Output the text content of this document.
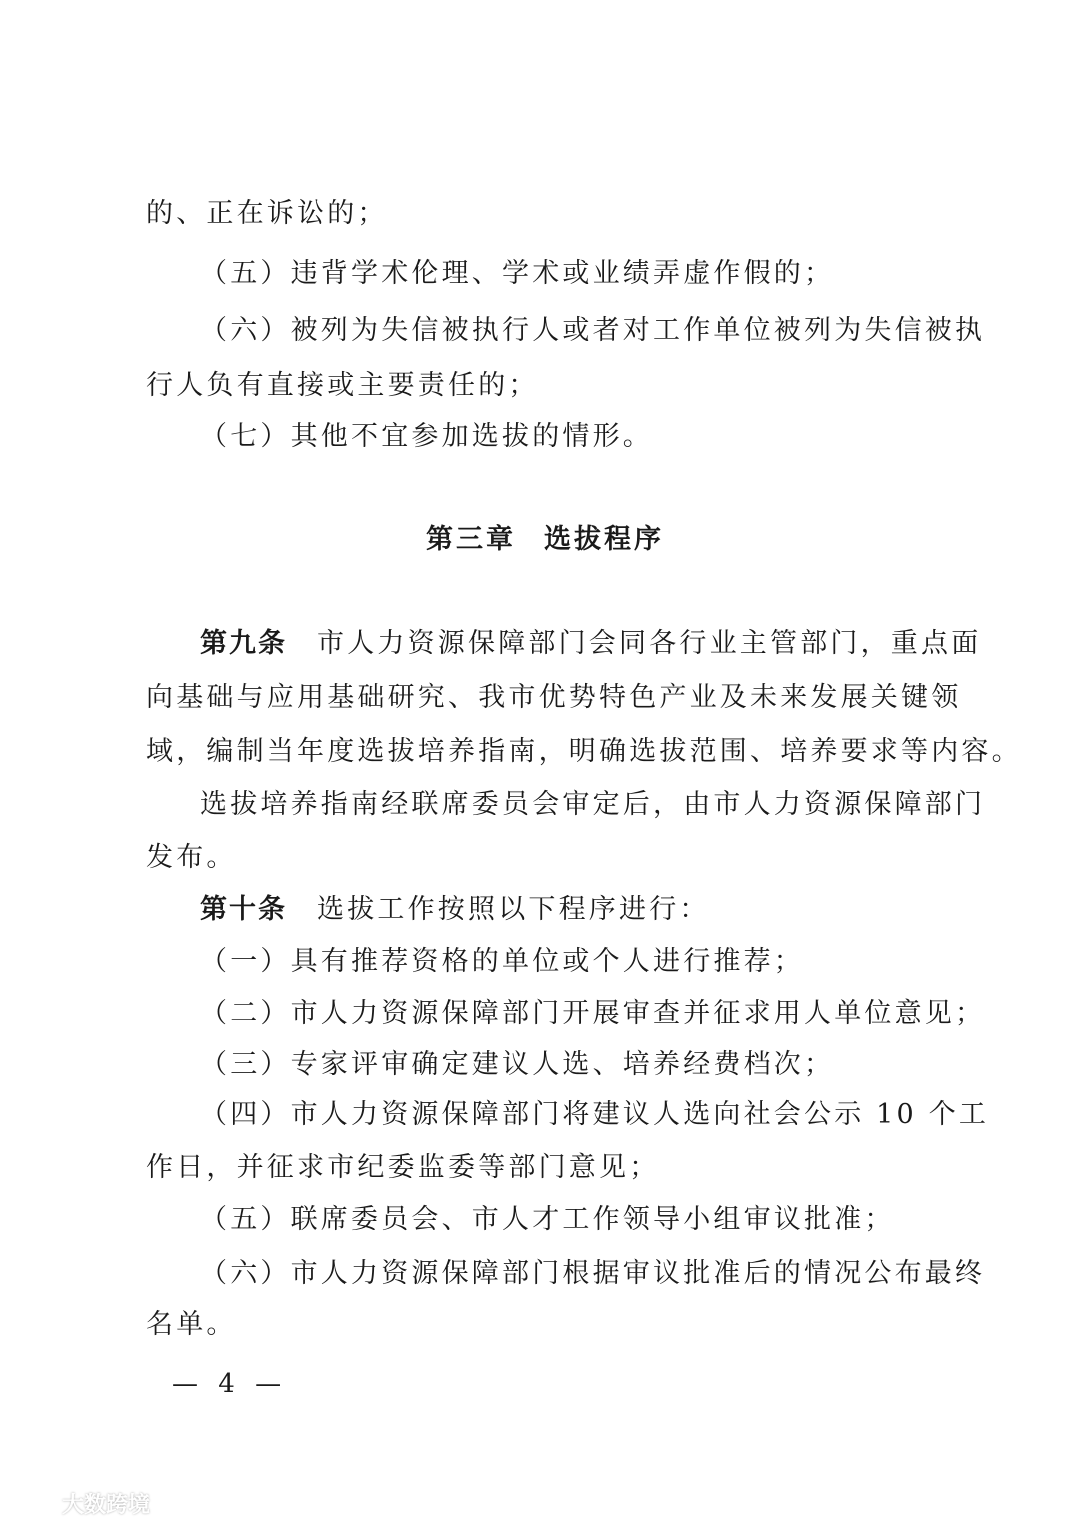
的、正在诉讼的；
（五）违背学术伦理、学术或业绩弄虚作假的；
（六）被列为失信被执行人或者对工作单位被列为失信被执
行人负有直接或主要责任的；
（七）其他不宜参加选拔的情形。
第三章 选拔程序
第九条 市人力资源保障部门会同各行业主管部门，重点面
向基础与应用基础研究、我市优势特色产业及未来发展关键领
域，编制当年度选拔培养指南，明确选拔范围、培养要求等内容。
选拔培养指南经联席委员会审定后，由市人力资源保障部门
发布。
第十条 选拔工作按照以下程序进行：
（一）具有推荐资格的单位或个人进行推荐；
（二）市人力资源保障部门开展审查并征求用人单位意见；
（三）专家评审确定建议人选、培养经费档次；
（四）市人力资源保障部门将建议人选向社会公示 10 个工
作日，并征求市纪委监委等部门意见；
（五）联席委员会、市人才工作领导小组审议批准；
（六）市人力资源保障部门根据审议批准后的情况公布最终
名单。
— 4 —
大数跨境
